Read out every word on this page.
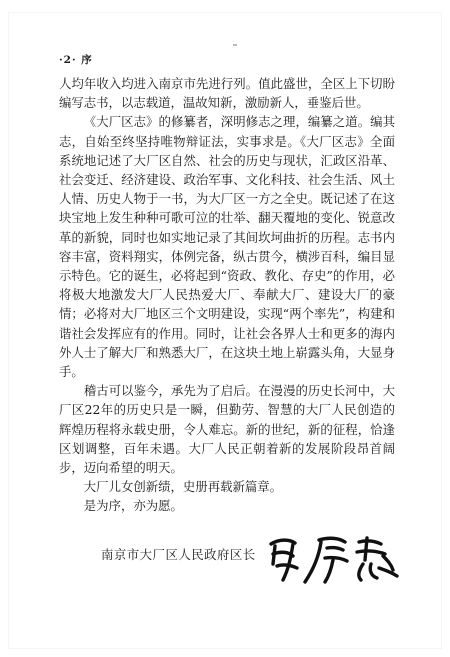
·2· 序

人均年收入均进入南京市先进行列。值此盛世，全区上下切盼编写志书，以志载道，温故知新，激励新人，垂鉴后世。

《大厂区志》的修纂者，深明修志之理，编纂之道。编其志，自始至终坚持唯物辩证法，实事求是。《大厂区志》全面系统地记述了大厂区自然、社会的历史与现状，汇政区沿革、社会变迁、经济建设、政治军事、文化科技、社会生活、风土人情、历史人物于一书，为大厂区一方之全史。既记述了在这块宝地上发生种种可歌可泣的壮举、翻天覆地的变化、锐意改革的新貌，同时也如实地记录了其间坎坷曲折的历程。志书内容丰富，资料翔实，体例完备，纵古贯今，横涉百科，编目显示特色。它的诞生，必将起到“资政、教化、存史”的作用，必将极大地激发大厂人民热爱大厂、奉献大厂、建设大厂的豪情；必将对大厂地区三个文明建设，实现“两个率先”，构建和谐社会发挥应有的作用。同时，让社会各界人士和更多的海内外人士了解大厂和熟悉大厂，在这块土地上崭露头角，大显身手。

稽古可以鉴今，承先为了启后。在漫漫的历史长河中，大厂区22年的历史只是一瞬，但勤劳、智慧的大厂人民创造的辉煌历程将永载史册，令人难忘。新的世纪，新的征程，恰逢区划调整，百年未遇。大厂人民正朝着新的发展阶段昂首阔步，迈向希望的明天。

大厂儿女创新绩，史册再载新篇章。

是为序，亦为愿。

南京市大厂区人民政府区长
